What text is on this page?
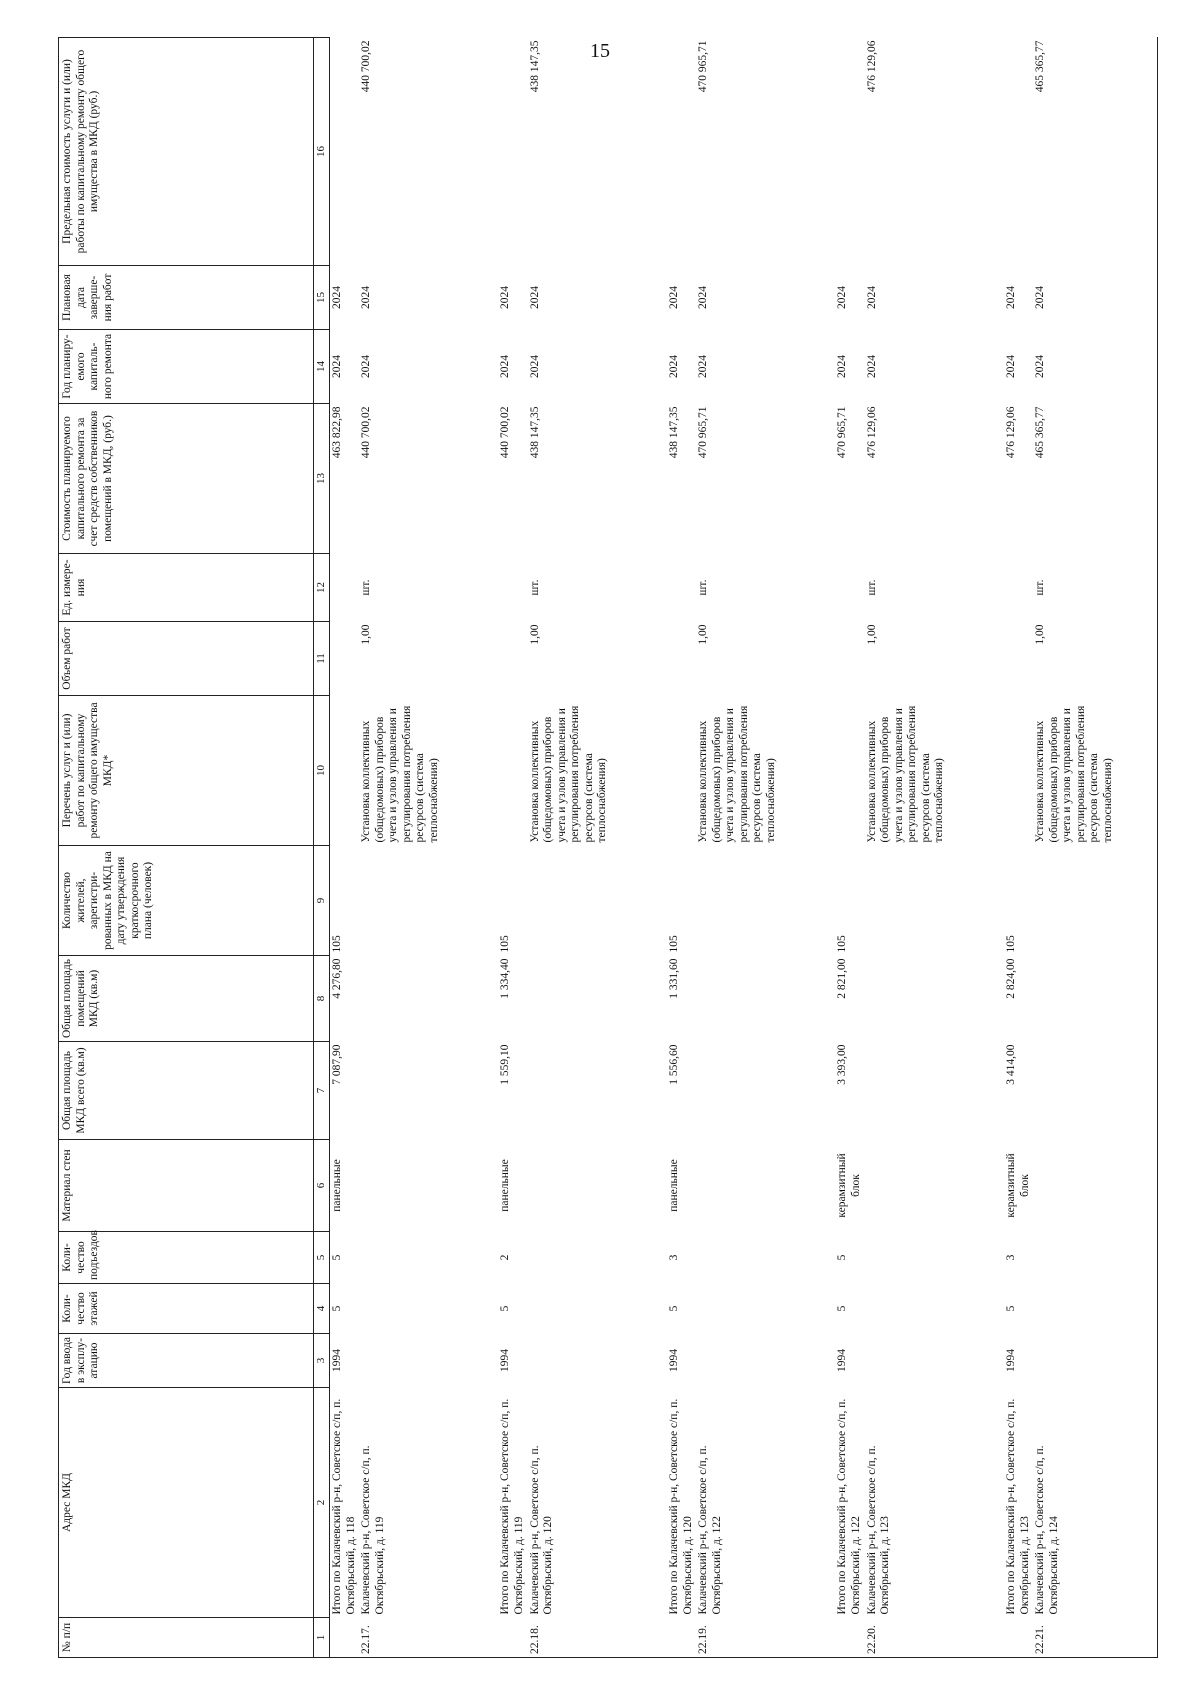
15
№ п/п	Адрес МКД	Год ввода в эксплу-атацию	Коли-чество этажей	Коли-чество подъездов	Материал стен	Общая площадь МКД всего (кв.м)	Общая площадь помещений МКД (кв.м)	Количество жителей, зарегистри-рованных в МКД на дату утверждения краткосрочного плана (человек)	Перечень услуг и (или) работ по капитальному ремонту общего имущества МКД*	Объем работ	Ед. измере-ния	Стоимость планируемого капитального ремонта за счет средств собственников помещений в МКД, (руб.)	Год планиру-емого капиталь-ного ремонта	Плановая дата заверше-ния работ	Предельная стоимость услуги и (или) работы по капитальному ремонту общего имущества в МКД (руб.)
1	2	3	4	5	6	7	8	9	10	11	12	13	14	15	16
	Итого по Калачевский р-н, Советское с/п, п. Октябрьский, д. 118	1994	5	5	панельные	7 087,90	4 276,80	105				463 822,98	2024	2024	
22.17.	Калачевский р-н, Советское с/п, п. Октябрьский, д. 119								Установка коллективных (общедомовых) приборов учета и узлов управления и регулирования потребления ресурсов (система теплоснабжения)	1,00	шт.	440 700,02	2024	2024	440 700,02
	Итого по Калачевский р-н, Советское с/п, п. Октябрьский, д. 119	1994	5	2	панельные	1 559,10	1 334,40	105				440 700,02	2024	2024	
22.18.	Калачевский р-н, Советское с/п, п. Октябрьский, д. 120								Установка коллективных (общедомовых) приборов учета и узлов управления и регулирования потребления ресурсов (система теплоснабжения)	1,00	шт.	438 147,35	2024	2024	438 147,35
	Итого по Калачевский р-н, Советское с/п, п. Октябрьский, д. 120	1994	5	3	панельные	1 556,60	1 331,60	105				438 147,35	2024	2024	
22.19.	Калачевский р-н, Советское с/п, п. Октябрьский, д. 122								Установка коллективных (общедомовых) приборов учета и узлов управления и регулирования потребления ресурсов (система теплоснабжения)	1,00	шт.	470 965,71	2024	2024	470 965,71
	Итого по Калачевский р-н, Советское с/п, п. Октябрьский, д. 122	1994	5	5	керамзитный блок	3 393,00	2 821,00	105				470 965,71	2024	2024	
22.20.	Калачевский р-н, Советское с/п, п. Октябрьский, д. 123								Установка коллективных (общедомовых) приборов учета и узлов управления и регулирования потребления ресурсов (система теплоснабжения)	1,00	шт.	476 129,06	2024	2024	476 129,06
	Итого по Калачевский р-н, Советское с/п, п. Октябрьский, д. 123	1994	5	3	керамзитный блок	3 414,00	2 824,00	105				476 129,06	2024	2024	
22.21.	Калачевский р-н, Советское с/п, п. Октябрьский, д. 124								Установка коллективных (общедомовых) приборов учета и узлов управления и регулирования потребления ресурсов (система теплоснабжения)	1,00	шт.	465 365,77	2024	2024	465 365,77
